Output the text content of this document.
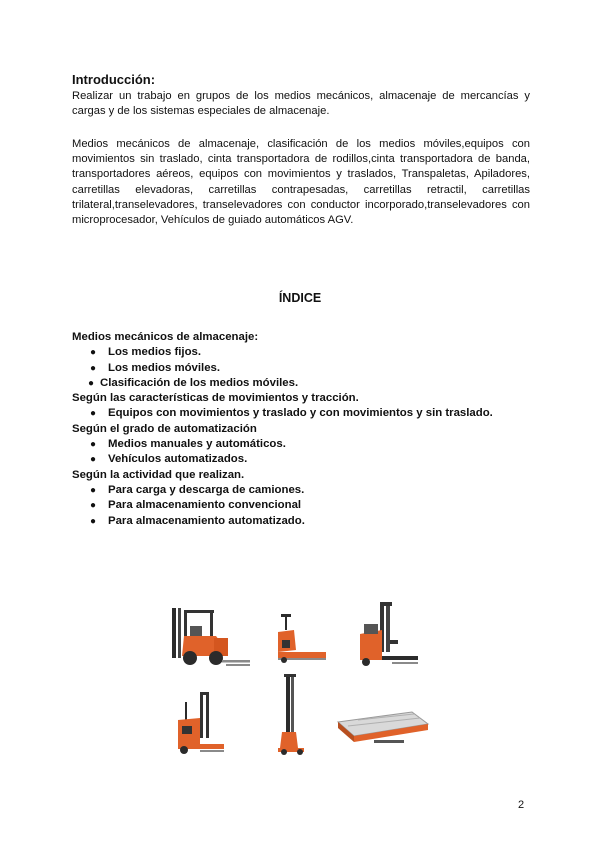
Introducción:

Realizar un trabajo en grupos de los medios mecánicos, almacenaje de mercancías y cargas y de los sistemas especiales de almacenaje.

Medios mecánicos de almacenaje, clasificación de los medios móviles,equipos con movimientos sin traslado, cinta transportadora de rodillos,cinta transportadora de banda, transportadores aéreos, equipos con movimientos y traslados, Transpaletas, Apiladores, carretillas elevadoras, carretillas contrapesadas, carretillas retractil, carretillas trilateral,transelevadores, transelevadores con conductor incorporado,transelevadores con microprocesador, Vehículos de guiado automáticos AGV.

ÍNDICE

Medios mecánicos de almacenaje:

●	Los medios fijos.
●	Los medios móviles.
● Clasificación de los medios móviles.

Según las características de movimientos y tracción.

●	Equipos con movimientos y traslado y con movimientos y sin traslado.

Según el grado de automatización

●	Medios manuales y automáticos.
●	Vehículos automatizados.

Según la actividad que realizan.

●	Para carga y descarga de camiones.
●	Para almacenamiento convencional
●	Para almacenamiento automatizado.

2
